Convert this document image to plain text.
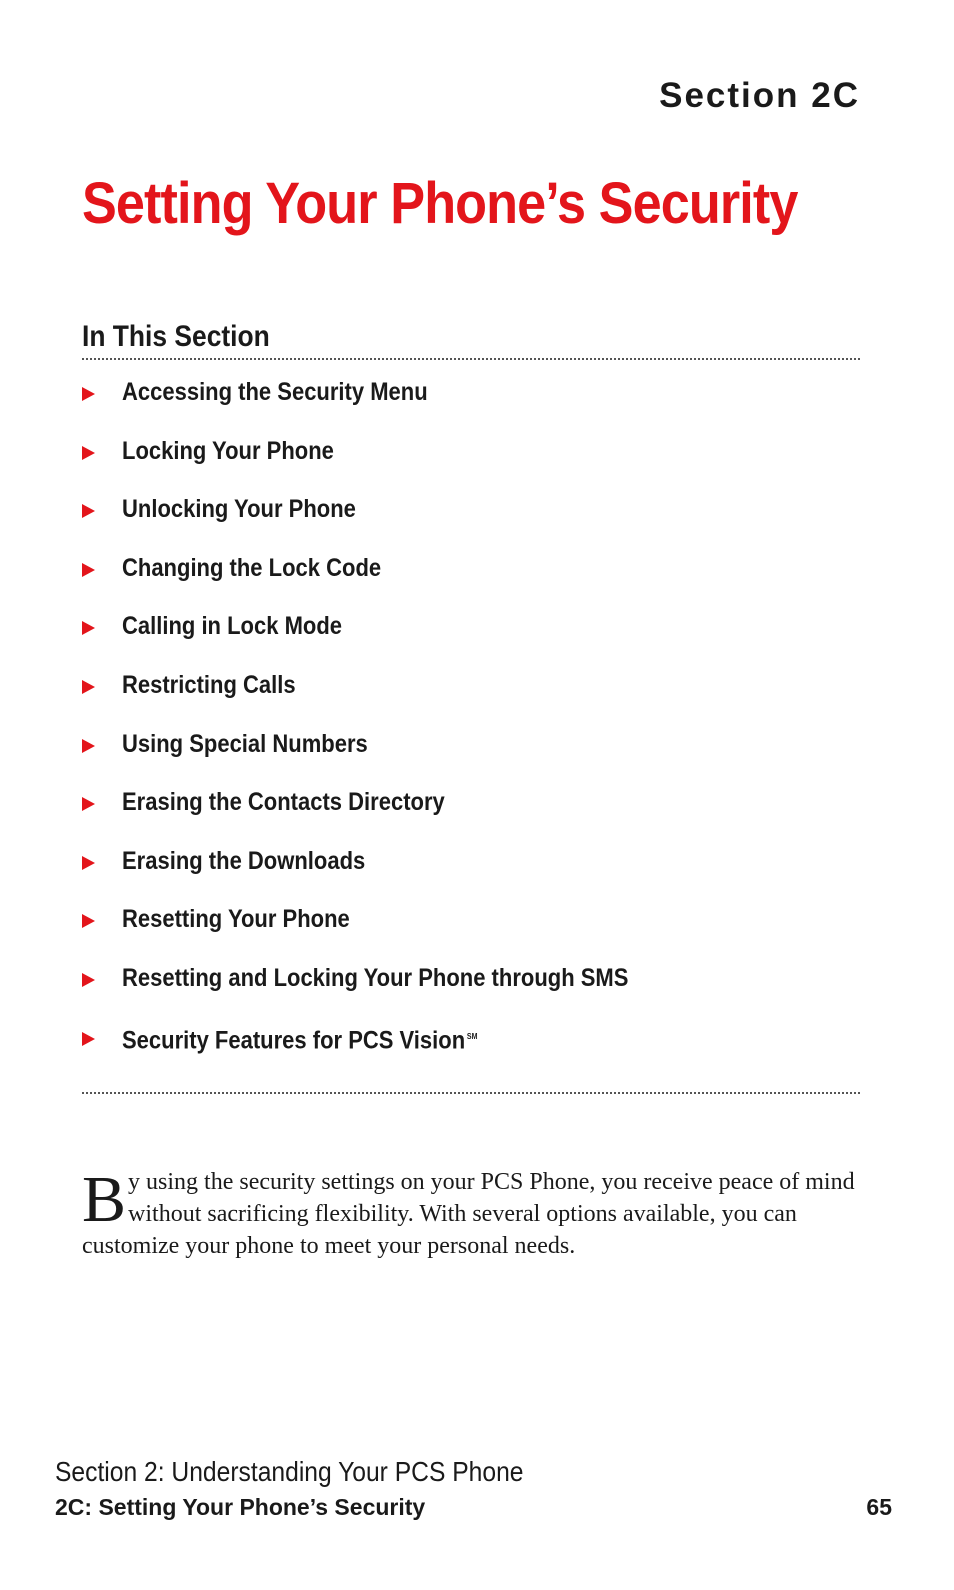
Section 2C
Setting Your Phone’s Security
In This Section
Accessing the Security Menu
Locking Your Phone
Unlocking Your Phone
Changing the Lock Code
Calling in Lock Mode
Restricting Calls
Using Special Numbers
Erasing the Contacts Directory
Erasing the Downloads
Resetting Your Phone
Resetting and Locking Your Phone through SMS
Security Features for PCS Vision ℠

By using the security settings on your PCS Phone, you receive peace of mind without sacrificing flexibility. With several options available, you can customize your phone to meet your personal needs.

Section 2: Understanding Your PCS Phone
2C: Setting Your Phone’s Security	65
